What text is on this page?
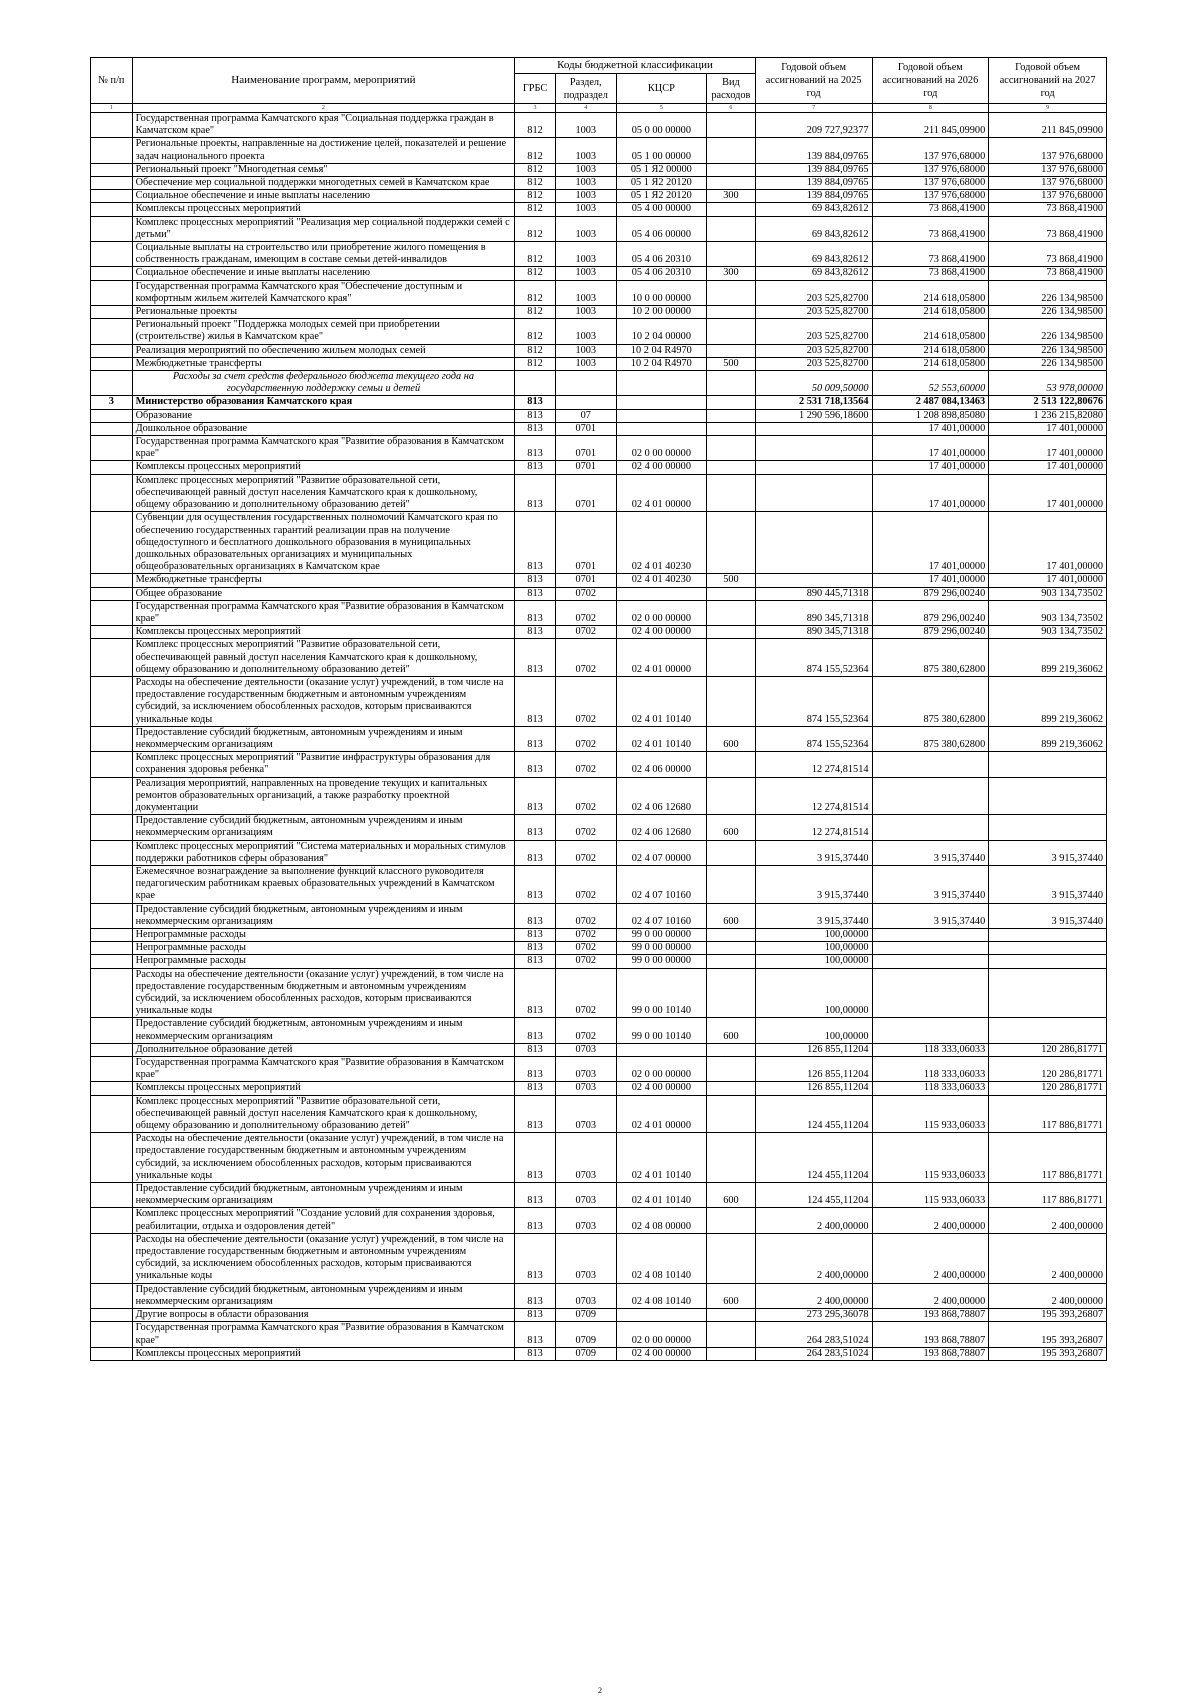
№ п/п	Наименование программ, мероприятий	Коды бюджетной классификации				Годовой объем ассигнований на 2025 год	Годовой объем ассигнований на 2026 год	Годовой объем ассигнований на 2027 год
		ГРБС	Раздел, подраздел	КЦСР	Вид расходов			
1	2	3	4	5	6	7	8	9
	Государственная программа Камчатского края "Социальная поддержка граждан в Камчатском крае"	812	1003	05 0 00 00000		209 727,92377	211 845,09900	211 845,09900
	Региональные проекты, направленные на достижение целей, показателей и решение задач национального проекта	812	1003	05 1 00 00000		139 884,09765	137 976,68000	137 976,68000
	Региональный проект "Многодетная семья"	812	1003	05 1 Я2 00000		139 884,09765	137 976,68000	137 976,68000
	Обеспечение мер социальной поддержки многодетных семей в Камчатском крае	812	1003	05 1 Я2 20120		139 884,09765	137 976,68000	137 976,68000
	Социальное обеспечение и иные выплаты населению	812	1003	05 1 Я2 20120	300	139 884,09765	137 976,68000	137 976,68000
	Комплексы процессных мероприятий	812	1003	05 4 00 00000		69 843,82612	73 868,41900	73 868,41900
	Комплекс процессных мероприятий "Реализация мер социальной поддержки семей с детьми"	812	1003	05 4 06 00000		69 843,82612	73 868,41900	73 868,41900
	Социальные выплаты на строительство или приобретение жилого помещения в собственность гражданам, имеющим в составе семьи детей-инвалидов	812	1003	05 4 06 20310		69 843,82612	73 868,41900	73 868,41900
	Социальное обеспечение и иные выплаты населению	812	1003	05 4 06 20310	300	69 843,82612	73 868,41900	73 868,41900
	Государственная программа Камчатского края "Обеспечение доступным и комфортным жильем жителей Камчатского края"	812	1003	10 0 00 00000		203 525,82700	214 618,05800	226 134,98500
	Региональные проекты	812	1003	10 2 00 00000		203 525,82700	214 618,05800	226 134,98500
	Региональный проект "Поддержка молодых семей при приобретении (строительстве) жилья в Камчатском крае"	812	1003	10 2 04 00000		203 525,82700	214 618,05800	226 134,98500
	Реализация мероприятий по обеспечению жильем молодых семей	812	1003	10 2 04 R4970		203 525,82700	214 618,05800	226 134,98500
	Межбюджетные трансферты	812	1003	10 2 04 R4970	500	203 525,82700	214 618,05800	226 134,98500
	Расходы за счет средств федерального бюджета текущего года на государственную поддержку семьи и детей					50 009,50000	52 553,60000	53 978,00000
3	Министерство образования Камчатского края	813				2 531 718,13564	2 487 084,13463	2 513 122,80676
	Образование	813	07			1 290 596,18600	1 208 898,85080	1 236 215,82080
	Дошкольное образование	813	0701				17 401,00000	17 401,00000
	Государственная программа Камчатского края "Развитие образования в Камчатском крае"	813	0701	02 0 00 00000			17 401,00000	17 401,00000
	Комплексы процессных мероприятий	813	0701	02 4 00 00000			17 401,00000	17 401,00000
	Комплекс процессных мероприятий "Развитие образовательной сети, обеспечивающей равный доступ населения Камчатского края к дошкольному, общему образованию и дополнительному образованию детей"	813	0701	02 4 01 00000			17 401,00000	17 401,00000
	Субвенции для осуществления государственных полномочий Камчатского края по обеспечению государственных гарантий реализации прав на получение общедоступного и бесплатного дошкольного образования в муниципальных дошкольных образовательных организациях и муниципальных общеобразовательных организациях в Камчатском крае	813	0701	02 4 01 40230			17 401,00000	17 401,00000
	Межбюджетные трансферты	813	0701	02 4 01 40230	500		17 401,00000	17 401,00000
	Общее образование	813	0702			890 445,71318	879 296,00240	903 134,73502
	Государственная программа Камчатского края "Развитие образования в Камчатском крае"	813	0702	02 0 00 00000		890 345,71318	879 296,00240	903 134,73502
	Комплексы процессных мероприятий	813	0702	02 4 00 00000		890 345,71318	879 296,00240	903 134,73502
	Комплекс процессных мероприятий "Развитие образовательной сети, обеспечивающей равный доступ населения Камчатского края к дошкольному, общему образованию и дополнительному образованию детей"	813	0702	02 4 01 00000		874 155,52364	875 380,62800	899 219,36062
	Расходы на обеспечение деятельности (оказание услуг) учреждений, в том числе на предоставление государственным бюджетным и автономным учреждениям субсидий, за исключением обособленных расходов, которым присваиваются уникальные коды	813	0702	02 4 01 10140		874 155,52364	875 380,62800	899 219,36062
	Предоставление субсидий бюджетным, автономным учреждениям и иным некоммерческим организациям	813	0702	02 4 01 10140	600	874 155,52364	875 380,62800	899 219,36062
	Комплекс процессных мероприятий "Развитие инфраструктуры образования для сохранения здоровья ребенка"	813	0702	02 4 06 00000		12 274,81514		
	Реализация мероприятий, направленных на проведение текущих и капитальных ремонтов образовательных организаций, а также разработку проектной документации	813	0702	02 4 06 12680		12 274,81514		
	Предоставление субсидий бюджетным, автономным учреждениям и иным некоммерческим организациям	813	0702	02 4 06 12680	600	12 274,81514		
	Комплекс процессных мероприятий "Система материальных и моральных стимулов поддержки работников сферы образования"	813	0702	02 4 07 00000		3 915,37440	3 915,37440	3 915,37440
	Ежемесячное вознаграждение за выполнение функций классного руководителя педагогическим работникам краевых образовательных учреждений в Камчатском крае	813	0702	02 4 07 10160		3 915,37440	3 915,37440	3 915,37440
	Предоставление субсидий бюджетным, автономным учреждениям и иным некоммерческим организациям	813	0702	02 4 07 10160	600	3 915,37440	3 915,37440	3 915,37440
	Непрограммные расходы	813	0702	99 0 00 00000		100,00000		
	Непрограммные расходы	813	0702	99 0 00 00000		100,00000		
	Непрограммные расходы	813	0702	99 0 00 00000		100,00000		
	Расходы на обеспечение деятельности (оказание услуг) учреждений, в том числе на предоставление государственным бюджетным и автономным учреждениям субсидий, за исключением обособленных расходов, которым присваиваются уникальные коды	813	0702	99 0 00 10140		100,00000		
	Предоставление субсидий бюджетным, автономным учреждениям и иным некоммерческим организациям	813	0702	99 0 00 10140	600	100,00000		
	Дополнительное образование детей	813	0703			126 855,11204	118 333,06033	120 286,81771
	Государственная программа Камчатского края "Развитие образования в Камчатском крае"	813	0703	02 0 00 00000		126 855,11204	118 333,06033	120 286,81771
	Комплексы процессных мероприятий	813	0703	02 4 00 00000		126 855,11204	118 333,06033	120 286,81771
	Комплекс процессных мероприятий "Развитие образовательной сети, обеспечивающей равный доступ населения Камчатского края к дошкольному, общему образованию и дополнительному образованию детей"	813	0703	02 4 01 00000		124 455,11204	115 933,06033	117 886,81771
	Расходы на обеспечение деятельности (оказание услуг) учреждений, в том числе на предоставление государственным бюджетным и автономным учреждениям субсидий, за исключением обособленных расходов, которым присваиваются уникальные коды	813	0703	02 4 01 10140		124 455,11204	115 933,06033	117 886,81771
	Предоставление субсидий бюджетным, автономным учреждениям и иным некоммерческим организациям	813	0703	02 4 01 10140	600	124 455,11204	115 933,06033	117 886,81771
	Комплекс процессных мероприятий "Создание условий для сохранения здоровья, реабилитации, отдыха и оздоровления детей"	813	0703	02 4 08 00000		2 400,00000	2 400,00000	2 400,00000
	Расходы на обеспечение деятельности (оказание услуг) учреждений, в том числе на предоставление государственным бюджетным и автономным учреждениям субсидий, за исключением обособленных расходов, которым присваиваются уникальные коды	813	0703	02 4 08 10140		2 400,00000	2 400,00000	2 400,00000
	Предоставление субсидий бюджетным, автономным учреждениям и иным некоммерческим организациям	813	0703	02 4 08 10140	600	2 400,00000	2 400,00000	2 400,00000
	Другие вопросы в области образования	813	0709			273 295,36078	193 868,78807	195 393,26807
	Государственная программа Камчатского края "Развитие образования в Камчатском крае"	813	0709	02 0 00 00000		264 283,51024	193 868,78807	195 393,26807
	Комплексы процессных мероприятий	813	0709	02 4 00 00000		264 283,51024	193 868,78807	195 393,26807
2
